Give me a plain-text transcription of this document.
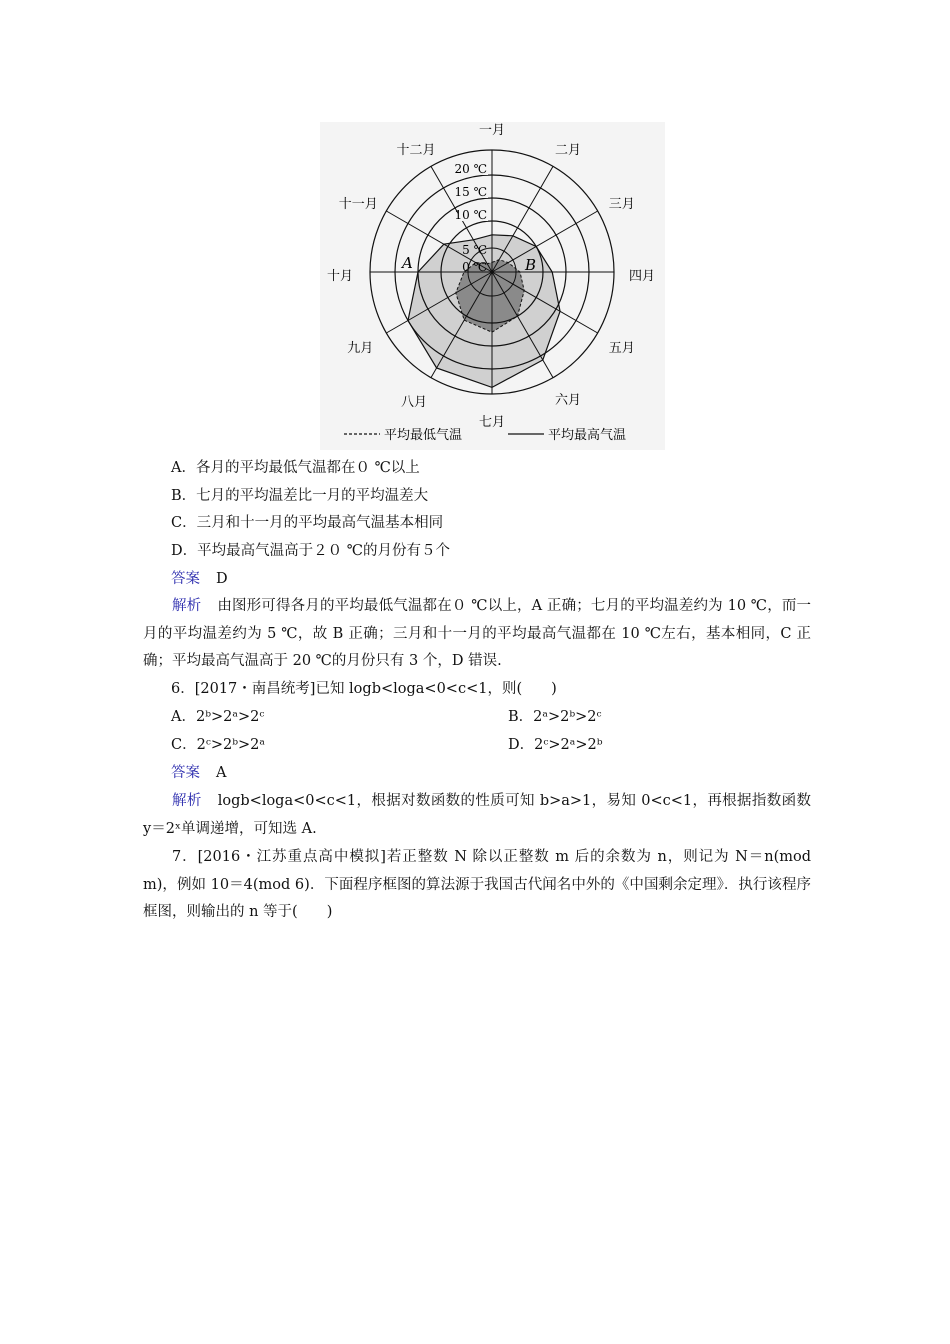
一月
二月
三月
四月
五月
六月
七月
八月
九月
十月
十一月
十二月
20 ℃
15 ℃
10 ℃
5 ℃
0 ℃
A	B
平均最低气温	平均最高气温
A．各月的平均最低气温都在０ ℃以上
B．七月的平均温差比一月的平均温差大
C．三月和十一月的平均最高气温基本相同
D．平均最高气温高于２０ ℃的月份有５个
答案 D
解析 由图形可得各月的平均最低气温都在０ ℃以上，A 正确；七月的平均温差约为 10 ℃，而一月的平均温差约为 5 ℃，故 B 正确；三月和十一月的平均最高气温都在 10 ℃左右，基本相同，C 正确；平均最高气温高于 20 ℃的月份只有 3 个，D 错误.
6．[2017・南昌统考]已知 logb<loga<0<c<1，则(　　)
A．2ᵇ>2ᵃ>2ᶜ	B．2ᵃ>2ᵇ>2ᶜ
C．2ᶜ>2ᵇ>2ᵃ	D．2ᶜ>2ᵃ>2ᵇ
答案 A
解析 logb<loga<0<c<1，根据对数函数的性质可知 b>a>1，易知 0<c<1，再根据指数函数 y＝2ˣ单调递增，可知选 A.
7．[2016・江苏重点高中模拟]若正整数 N 除以正整数 m 后的余数为 n，则记为 N＝n(mod m)，例如 10＝4(mod 6)．下面程序框图的算法源于我国古代闻名中外的《中国剩余定理》．执行该程序框图，则输出的 n 等于(　　)
